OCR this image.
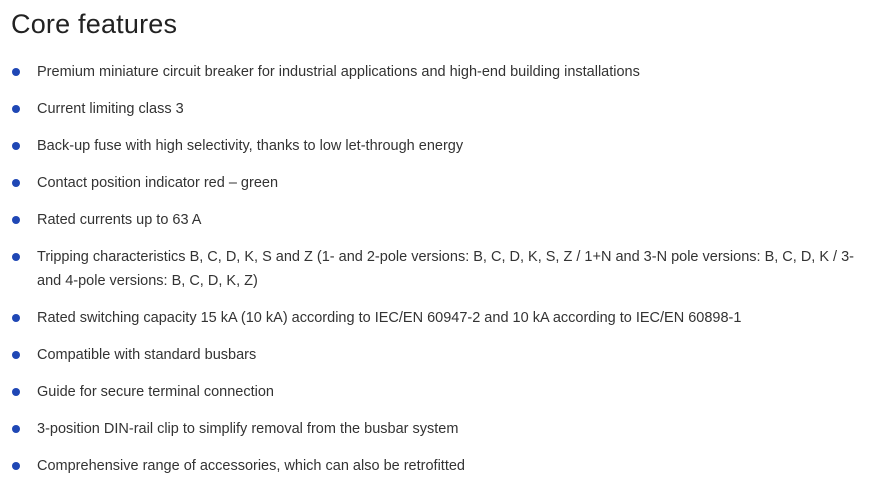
Core features
Premium miniature circuit breaker for industrial applications and high-end building installations
Current limiting class 3
Back-up fuse with high selectivity, thanks to low let-through energy
Contact position indicator red – green
Rated currents up to 63 A
Tripping characteristics B, C, D, K, S and Z (1- and 2-pole versions: B, C, D, K, S, Z / 1+N and 3-N pole versions: B, C, D, K / 3- and 4-pole versions: B, C, D, K, Z)
Rated switching capacity 15 kA (10 kA) according to IEC/EN 60947-2 and 10 kA according to IEC/EN 60898-1
Compatible with standard busbars
Guide for secure terminal connection
3-position DIN-rail clip to simplify removal from the busbar system
Comprehensive range of accessories, which can also be retrofitted
